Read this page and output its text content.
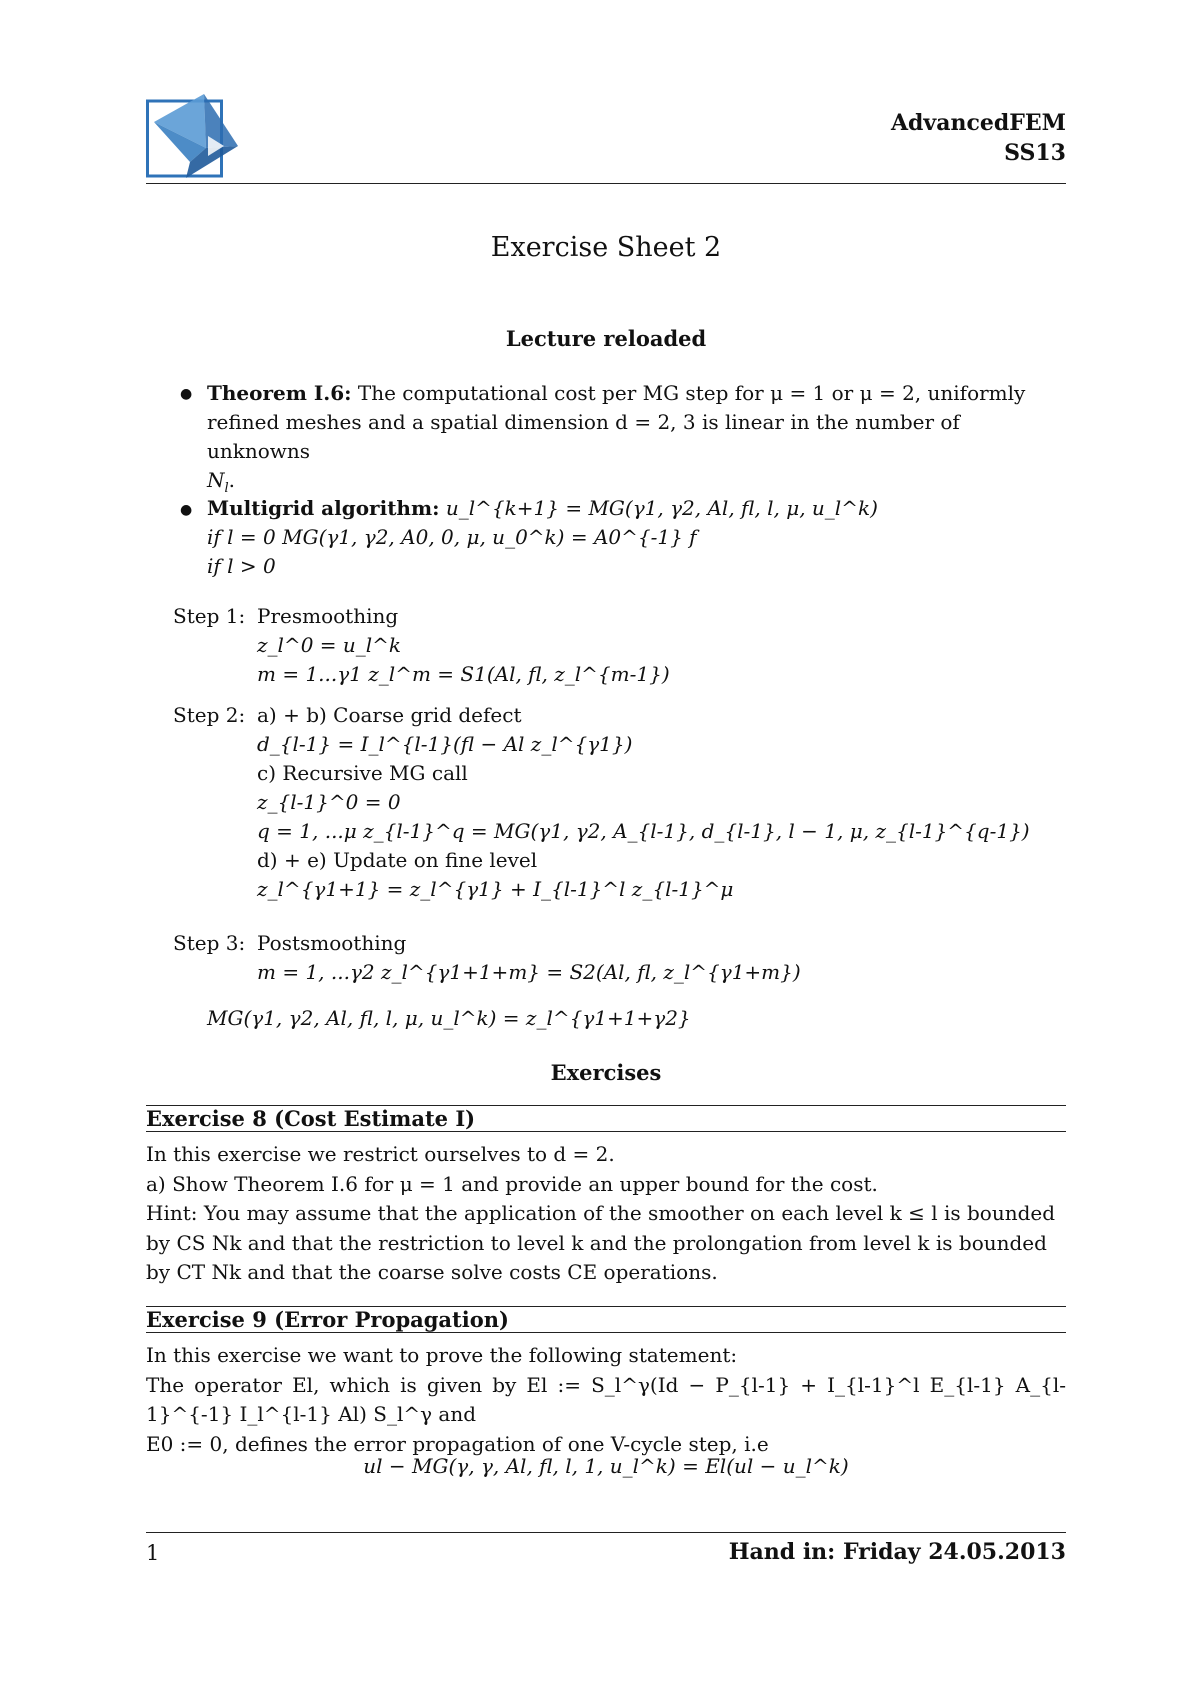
AdvancedFEM
SS13
Exercise Sheet 2
Lecture reloaded
● Theorem I.6: The computational cost per MG step for μ = 1 or μ = 2, uniformly
refined meshes and a spatial dimension d = 2, 3 is linear in the number of unknowns
$N_l$.
● Multigrid algorithm: u_l^{k+1} = MG(γ1, γ2, Al, fl, l, μ, u_l^k)
if l = 0 MG(γ1, γ2, A0, 0, μ, u_0^k) = A0^{-1} f
if l > 0
Step 1: Presmoothing
z_l^0 = u_l^k
m = 1...γ1 z_l^m = S1(Al, fl, z_l^{m-1})
Step 2: a) + b) Coarse grid defect
d_{l-1} = I_l^{l-1}(fl − Al z_l^{γ1})
c) Recursive MG call
z_{l-1}^0 = 0
q = 1, ...μ z_{l-1}^q = MG(γ1, γ2, A_{l-1}, d_{l-1}, l − 1, μ, z_{l-1}^{q-1})
d) + e) Update on fine level
z_l^{γ1+1} = z_l^{γ1} + I_{l-1}^l z_{l-1}^μ
Step 3: Postsmoothing
m = 1, ...γ2 z_l^{γ1+1+m} = S2(Al, fl, z_l^{γ1+m})
MG(γ1, γ2, Al, fl, l, μ, u_l^k) = z_l^{γ1+1+γ2}
Exercises
Exercise 8 (Cost Estimate I)
In this exercise we restrict ourselves to d = 2.
a) Show Theorem I.6 for μ = 1 and provide an upper bound for the cost.
Hint: You may assume that the application of the smoother on each level k ≤ l is bounded
by CS Nk and that the restriction to level k and the prolongation from level k is bounded
by CT Nk and that the coarse solve costs CE operations.
Exercise 9 (Error Propagation)
In this exercise we want to prove the following statement:
The operator El, which is given by El := S_l^γ(Id − P_{l-1} + I_{l-1}^l E_{l-1} A_{l-1}^{-1} I_l^{l-1} Al) S_l^γ and
E0 := 0, defines the error propagation of one V-cycle step, i.e
ul − MG(γ, γ, Al, fl, l, 1, u_l^k) = El(ul − u_l^k)
1	Hand in: Friday 24.05.2013
